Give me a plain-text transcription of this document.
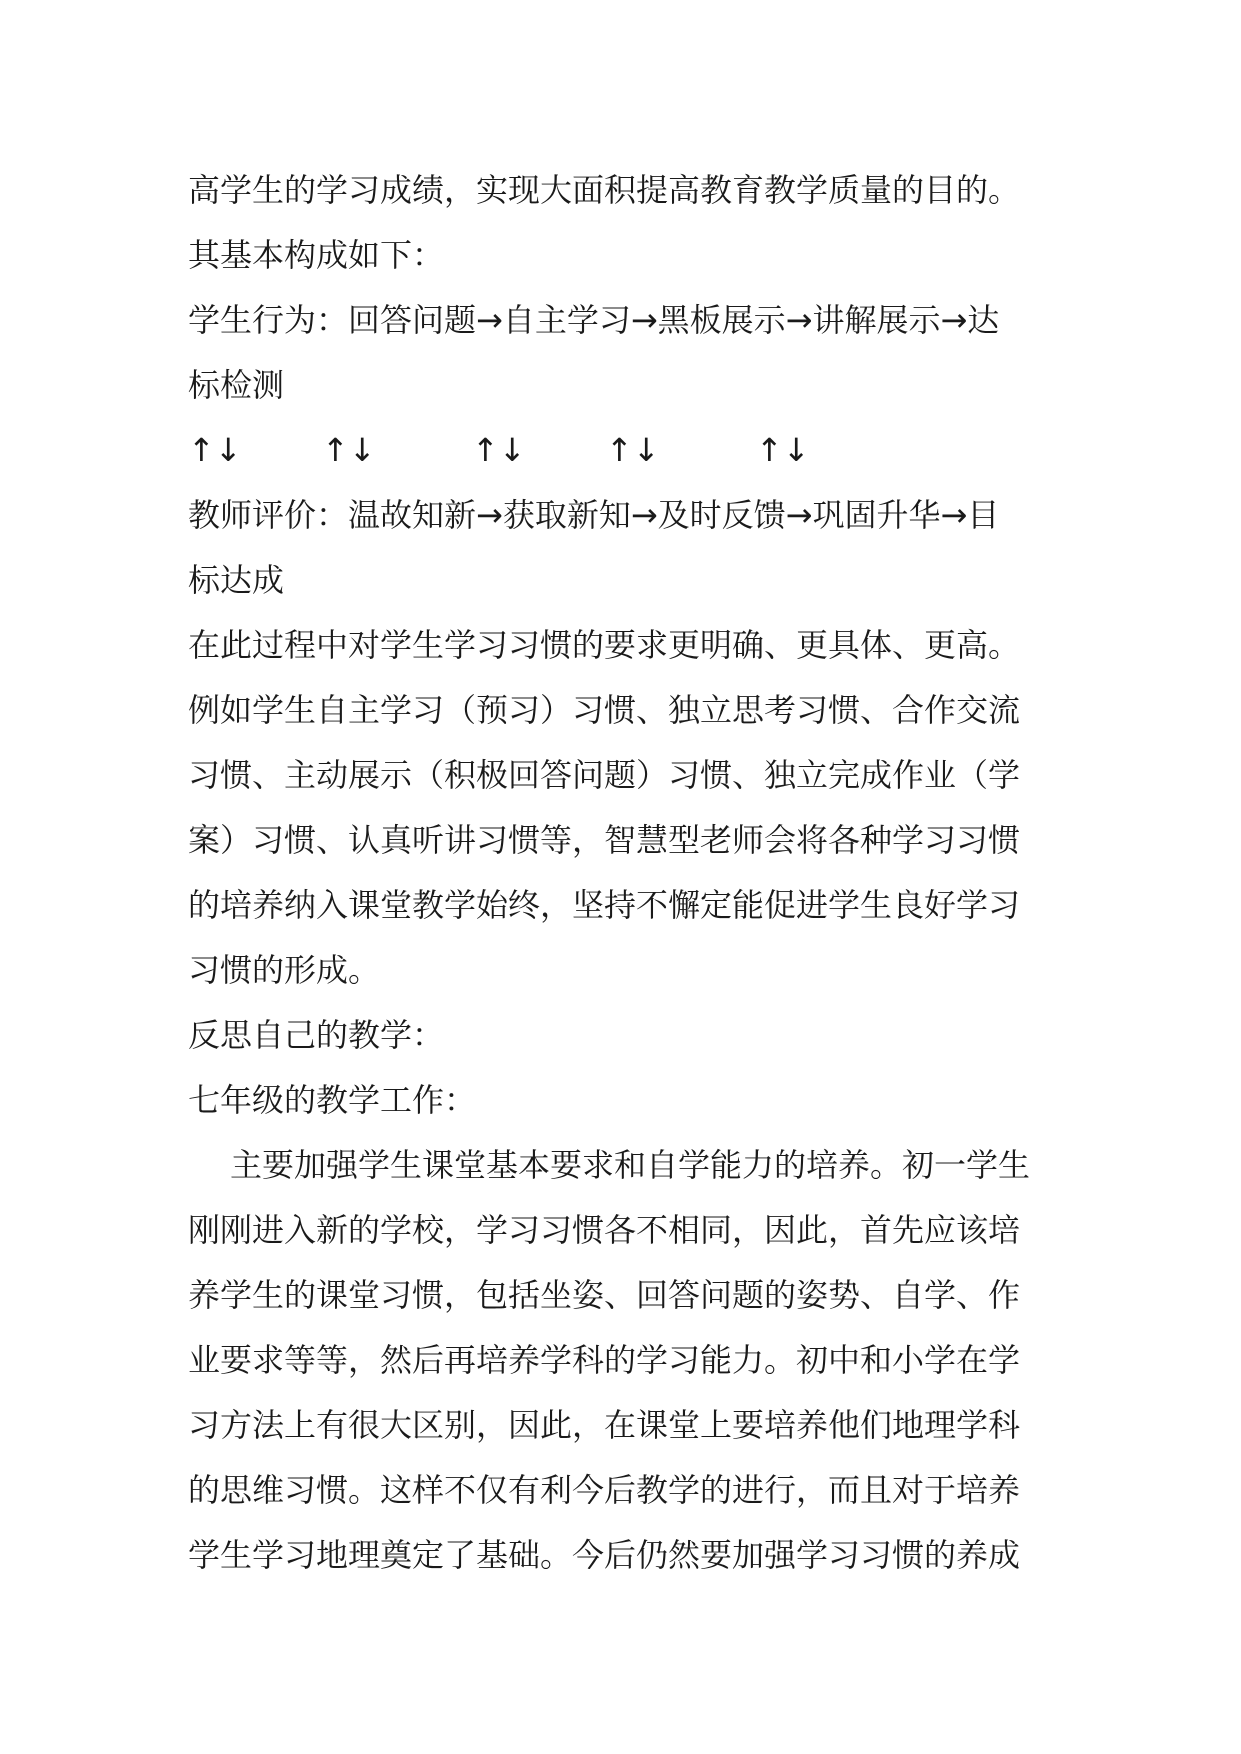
高学生的学习成绩，实现大面积提高教育教学质量的目的。
其基本构成如下：
学生行为：回答问题→自主学习→黑板展示→讲解展示→达
标检测
↑↓	↑↓	↑↓	↑↓	↑↓
教师评价：温故知新→获取新知→及时反馈→巩固升华→目
标达成
在此过程中对学生学习习惯的要求更明确、更具体、更高。
例如学生自主学习（预习）习惯、独立思考习惯、合作交流
习惯、主动展示（积极回答问题）习惯、独立完成作业（学
案）习惯、认真听讲习惯等，智慧型老师会将各种学习习惯
的培养纳入课堂教学始终，坚持不懈定能促进学生良好学习
习惯的形成。
反思自己的教学：
七年级的教学工作：
主要加强学生课堂基本要求和自学能力的培养。初一学生
刚刚进入新的学校，学习习惯各不相同，因此，首先应该培
养学生的课堂习惯，包括坐姿、回答问题的姿势、自学、作
业要求等等，然后再培养学科的学习能力。初中和小学在学
习方法上有很大区别，因此，在课堂上要培养他们地理学科
的思维习惯。这样不仅有利今后教学的进行，而且对于培养
学生学习地理奠定了基础。今后仍然要加强学习习惯的养成
